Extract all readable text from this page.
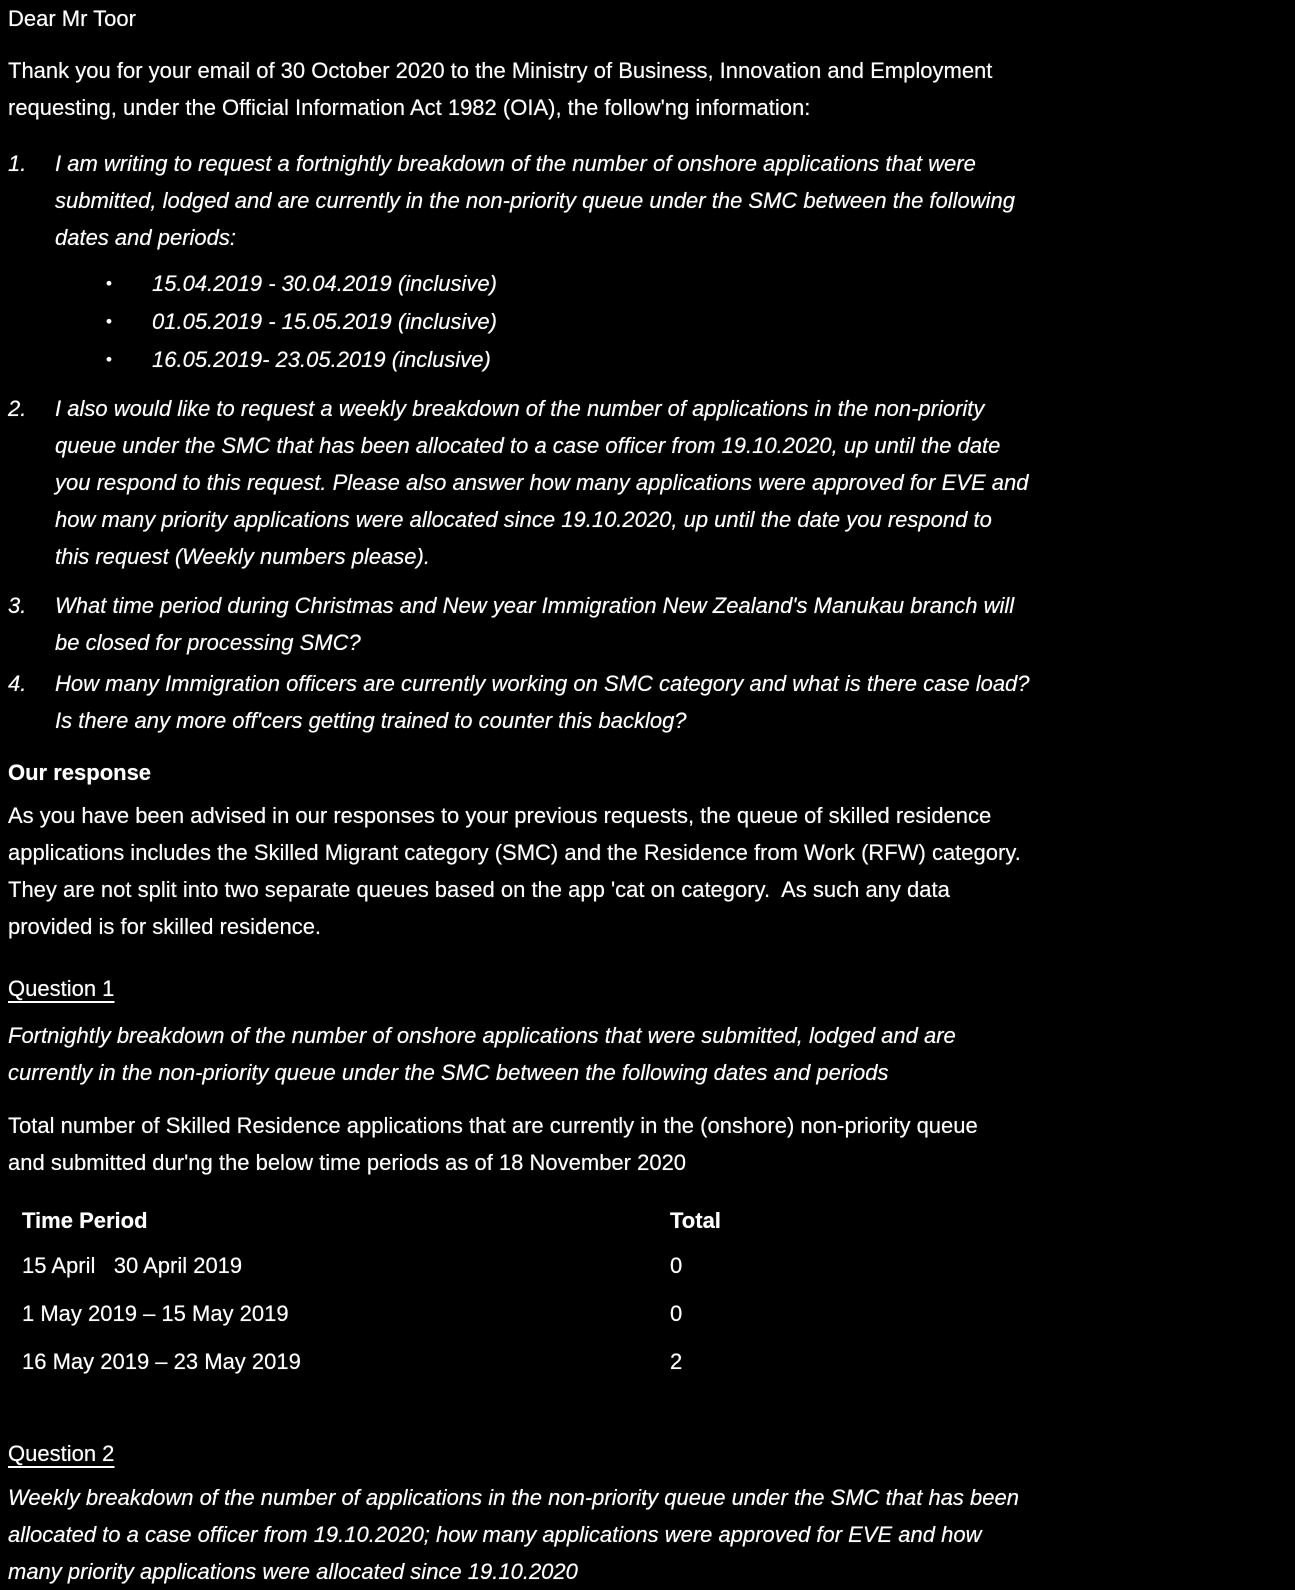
Dear Mr Toor
Thank you for your email of 30 October 2020 to the Ministry of Business, Innovation and Employment
requesting, under the Official Information Act 1982 (OIA), the follow'ng information:
1.	I am writing to request a fortnightly breakdown of the number of onshore applications that were
submitted, lodged and are currently in the non-priority queue under the SMC between the following
dates and periods:
•	15.04.2019 - 30.04.2019 (inclusive)
•	01.05.2019 - 15.05.2019 (inclusive)
•	16.05.2019- 23.05.2019 (inclusive)
2.	I also would like to request a weekly breakdown of the number of applications in the non-priority
queue under the SMC that has been allocated to a case officer from 19.10.2020, up until the date
you respond to this request. Please also answer how many applications were approved for EVE and
how many priority applications were allocated since 19.10.2020, up until the date you respond to
this request (Weekly numbers please).
3.	What time period during Christmas and New year Immigration New Zealand's Manukau branch will
be closed for processing SMC?
4.	How many Immigration officers are currently working on SMC category and what is there case load?
Is there any more off'cers getting trained to counter this backlog?
Our response
As you have been advised in our responses to your previous requests, the queue of skilled residence
applications includes the Skilled Migrant category (SMC) and the Residence from Work (RFW) category.
They are not split into two separate queues based on the app 'cat on category.  As such any data
provided is for skilled residence.
Question 1
Fortnightly breakdown of the number of onshore applications that were submitted, lodged and are
currently in the non-priority queue under the SMC between the following dates and periods
Total number of Skilled Residence applications that are currently in the (onshore) non-priority queue
and submitted dur'ng the below time periods as of 18 November 2020
Time Period	Total
15 April   30 April 2019	0
1 May 2019 – 15 May 2019	0
16 May 2019 – 23 May 2019	2
Question 2
Weekly breakdown of the number of applications in the non-priority queue under the SMC that has been
allocated to a case officer from 19.10.2020; how many applications were approved for EVE and how
many priority applications were allocated since 19.10.2020
